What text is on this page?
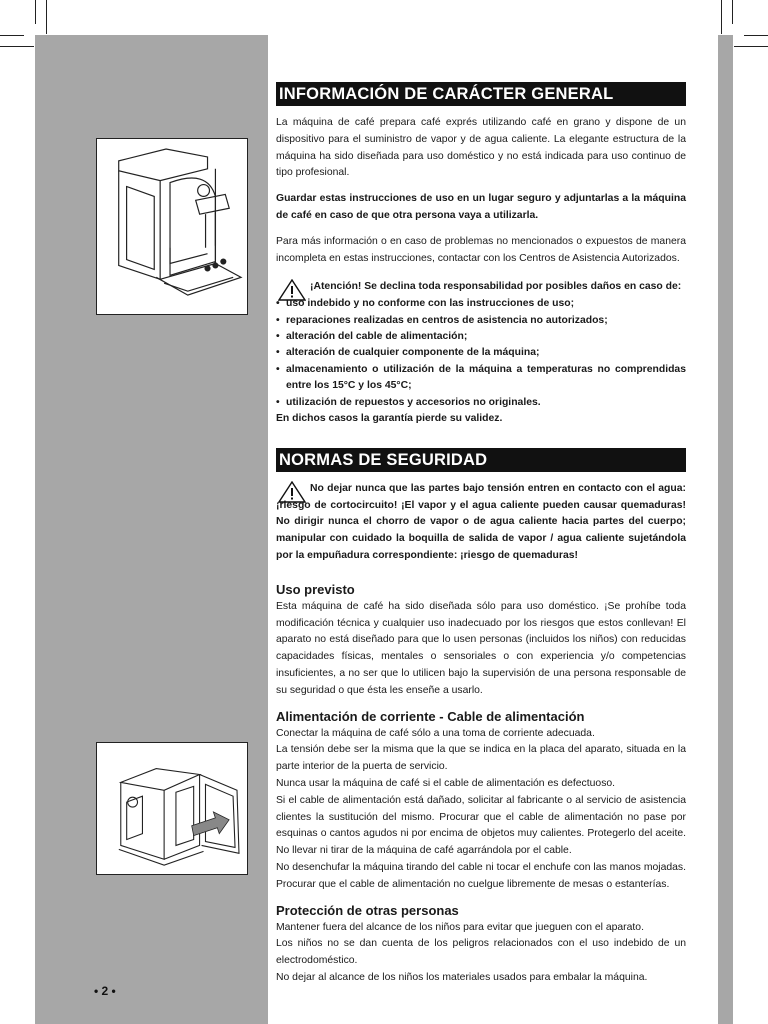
INFORMACIÓN DE CARÁCTER GENERAL

La máquina de café prepara café exprés utilizando café en grano y dispone de un dispositivo para el suministro de vapor y de agua caliente. La elegante estructura de la máquina ha sido diseñada para uso doméstico y no está indicada para uso continuo de tipo profesional.

Guardar estas instrucciones de uso en un lugar seguro y adjuntarlas a la máquina de café en caso de que otra persona vaya a utilizarla.

Para más información o en caso de problemas no mencionados o expuestos de manera incompleta en estas instrucciones, contactar con los Centros de Asistencia Autorizados.

¡Atención! Se declina toda responsabilidad por posibles daños en caso de:

• uso indebido y no conforme con las instrucciones de uso;
• reparaciones realizadas en centros de asistencia no autorizados;
• alteración del cable de alimentación;
• alteración de cualquier componente de la máquina;
• almacenamiento o utilización de la máquina a temperaturas no comprendidas entre los 15°C y los 45°C;
• utilización de repuestos y accesorios no originales.

En dichos casos la garantía pierde su validez.

NORMAS DE SEGURIDAD

No dejar nunca que las partes bajo tensión entren en contacto con el agua: ¡riesgo de cortocircuito! ¡El vapor y el agua caliente pueden causar quemaduras! No dirigir nunca el chorro de vapor o de agua caliente hacia partes del cuerpo; manipular con cuidado la boquilla de salida de vapor / agua caliente sujetándola por la empuñadura correspondiente: ¡riesgo de quemaduras!

Uso previsto

Esta máquina de café ha sido diseñada sólo para uso doméstico. ¡Se prohíbe toda modificación técnica y cualquier uso inadecuado por los riesgos que estos conllevan! El aparato no está diseñado para que lo usen personas (incluidos los niños) con reducidas capacidades físicas, mentales o sensoriales o con experiencia y/o competencias insuficientes, a no ser que lo utilicen bajo la supervisión de una persona responsable de su seguridad o que ésta les enseñe a usarlo.

Alimentación de corriente - Cable de alimentación

Conectar la máquina de café sólo a una toma de corriente adecuada.

La tensión debe ser la misma que la que se indica en la placa del aparato, situada en la parte interior de la puerta de servicio.

Nunca usar la máquina de café si el cable de alimentación es defectuoso.

Si el cable de alimentación está dañado, solicitar al fabricante o al servicio de asistencia clientes la sustitución del mismo. Procurar que el cable de alimentación no pase por esquinas o cantos agudos ni por encima de objetos muy calientes. Protegerlo del aceite. No llevar ni tirar de la máquina de café agarrándola por el cable.

No desenchufar la máquina tirando del cable ni tocar el enchufe con las manos mojadas. Procurar que el cable de alimentación no cuelgue libremente de mesas o estanterías.

Protección de otras personas

Mantener fuera del alcance de los niños para evitar que jueguen con el aparato.

Los niños no se dan cuenta de los peligros relacionados con el uso indebido de un electrodoméstico.

No dejar al alcance de los niños los materiales usados para embalar la máquina.

• 2 •
